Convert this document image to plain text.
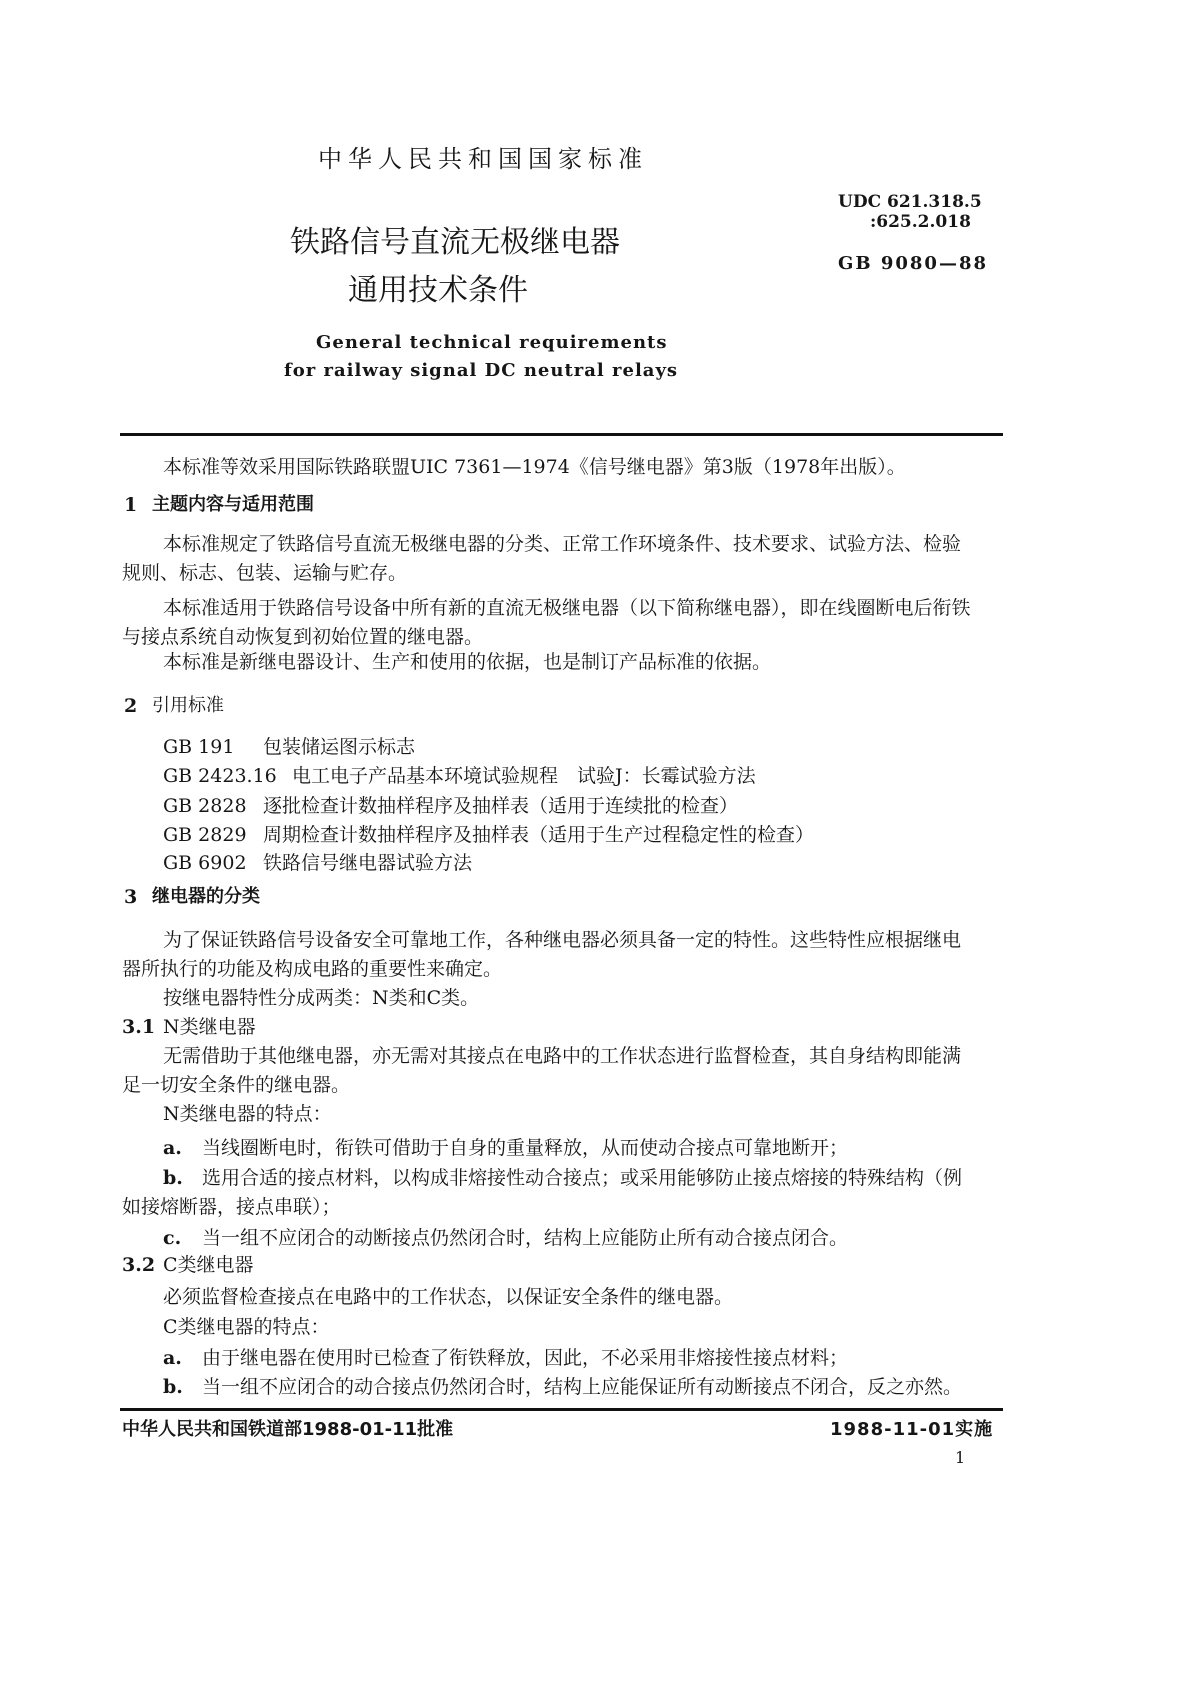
中华人民共和国国家标准
UDC 621.318.5
:625.2.018
GB 9080—88
铁路信号直流无极继电器
通用技术条件
General technical requirements
for railway signal DC neutral relays
本标准等效采用国际铁路联盟UIC 7361—1974《信号继电器》第3版（1978年出版）。
1 主题内容与适用范围
本标准规定了铁路信号直流无极继电器的分类、正常工作环境条件、技术要求、试验方法、检验
规则、标志、包装、运输与贮存。
本标准适用于铁路信号设备中所有新的直流无极继电器（以下简称继电器），即在线圈断电后衔铁
与接点系统自动恢复到初始位置的继电器。
本标准是新继电器设计、生产和使用的依据，也是制订产品标准的依据。
2 引用标准
GB 191 包装储运图示标志
GB 2423.16 电工电子产品基本环境试验规程　试验J：长霉试验方法
GB 2828 逐批检查计数抽样程序及抽样表（适用于连续批的检查）
GB 2829 周期检查计数抽样程序及抽样表（适用于生产过程稳定性的检查）
GB 6902 铁路信号继电器试验方法
3 继电器的分类
为了保证铁路信号设备安全可靠地工作，各种继电器必须具备一定的特性。这些特性应根据继电
器所执行的功能及构成电路的重要性来确定。
按继电器特性分成两类：N类和C类。
3.1 N类继电器
无需借助于其他继电器，亦无需对其接点在电路中的工作状态进行监督检查，其自身结构即能满
足一切安全条件的继电器。
N类继电器的特点：
a. 当线圈断电时，衔铁可借助于自身的重量释放，从而使动合接点可靠地断开；
b. 选用合适的接点材料，以构成非熔接性动合接点；或采用能够防止接点熔接的特殊结构（例
如接熔断器，接点串联）；
c. 当一组不应闭合的动断接点仍然闭合时，结构上应能防止所有动合接点闭合。
3.2 C类继电器
必须监督检查接点在电路中的工作状态，以保证安全条件的继电器。
C类继电器的特点：
a. 由于继电器在使用时已检查了衔铁释放，因此，不必采用非熔接性接点材料；
b. 当一组不应闭合的动合接点仍然闭合时，结构上应能保证所有动断接点不闭合，反之亦然。
中华人民共和国铁道部1988-01-11批准	1988-11-01实施
1
